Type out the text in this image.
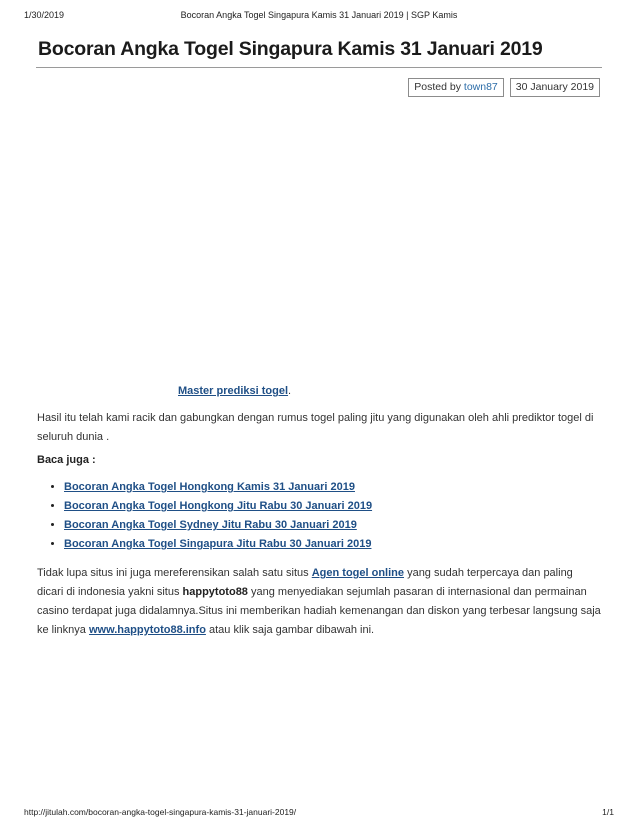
1/30/2019	Bocoran Angka Togel Singapura Kamis 31 Januari 2019 | SGP Kamis
Bocoran Angka Togel Singapura Kamis 31 Januari 2019
Posted by town87	30 January 2019
Master prediksi togel.

Hasil itu telah kami racik dan gabungkan dengan rumus togel paling jitu yang digunakan oleh ahli prediktor togel di seluruh dunia .

Baca juga :
• Bocoran Angka Togel Hongkong Kamis 31 Januari 2019
• Bocoran Angka Togel Hongkong Jitu Rabu 30 Januari 2019
• Bocoran Angka Togel Sydney Jitu Rabu 30 Januari 2019
• Bocoran Angka Togel Singapura Jitu Rabu 30 Januari 2019

Tidak lupa situs ini juga mereferensikan salah satu situs Agen togel online yang sudah terpercaya dan paling dicari di indonesia yakni situs happytoto88 yang menyediakan sejumlah pasaran di internasional dan permainan casino terdapat juga didalamnya.Situs ini memberikan hadiah kemenangan dan diskon yang terbesar langsung saja ke linknya www.happytoto88.info atau klik saja gambar dibawah ini.

http://jitulah.com/bocoran-angka-togel-singapura-kamis-31-januari-2019/	1/1
